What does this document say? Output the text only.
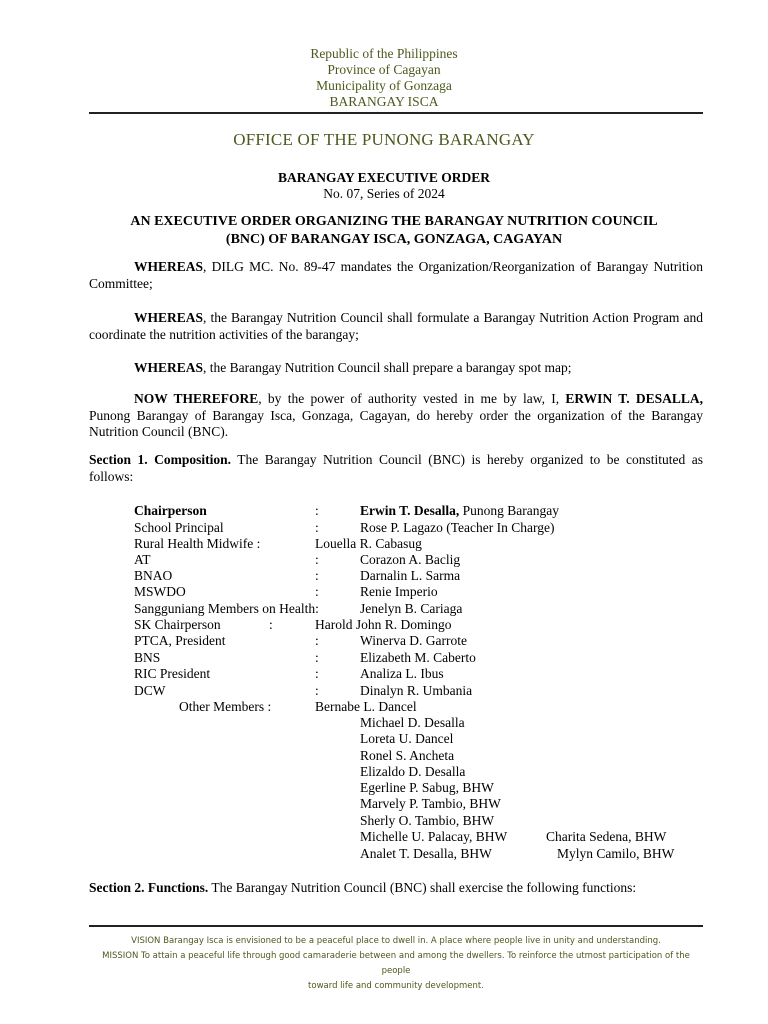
Republic of the Philippines
Province of Cagayan
Municipality of Gonzaga
BARANGAY ISCA
OFFICE OF THE PUNONG BARANGAY
BARANGAY EXECUTIVE ORDER
No. 07, Series of 2024
AN EXECUTIVE ORDER ORGANIZING THE BARANGAY NUTRITION COUNCIL
(BNC) OF BARANGAY ISCA, GONZAGA, CAGAYAN
WHEREAS, DILG MC. No. 89-47 mandates the Organization/Reorganization of Barangay Nutrition Committee;
WHEREAS, the Barangay Nutrition Council shall formulate a Barangay Nutrition Action Program and coordinate the nutrition activities of the barangay;
WHEREAS, the Barangay Nutrition Council shall prepare a barangay spot map;
NOW THEREFORE, by the power of authority vested in me by law, I, ERWIN T. DESALLA, Punong Barangay of Barangay Isca, Gonzaga, Cagayan, do hereby order the organization of the Barangay Nutrition Council (BNC).
Section 1. Composition. The Barangay Nutrition Council (BNC) is hereby organized to be constituted as follows:
Chairperson	:	Erwin T. Desalla, Punong Barangay
School Principal	:	Rose P. Lagazo (Teacher In Charge)
Rural Health Midwife :	Louella R. Cabasug
AT	:	Corazon A. Baclig
BNAO	:	Darnalin L. Sarma
MSWDO	:	Renie Imperio
Sangguniang Members on Health:	Jenelyn B. Cariaga
SK Chairperson	:	Harold John R. Domingo
PTCA, President	:	Winerva D. Garrote
BNS	:	Elizabeth M. Caberto
RIC President	:	Analiza L. Ibus
DCW	:	Dinalyn R. Umbania
Other Members :	Bernabe L. Dancel
Michael D. Desalla
Loreta U. Dancel
Ronel S. Ancheta
Elizaldo D. Desalla
Egerline P. Sabug, BHW
Marvely P. Tambio, BHW
Sherly O. Tambio, BHW
Michelle U. Palacay, BHW	Charita Sedena, BHW
Analet T. Desalla, BHW	Mylyn Camilo, BHW
Section 2. Functions. The Barangay Nutrition Council (BNC) shall exercise the following functions:
VISION Barangay Isca is envisioned to be a peaceful place to dwell in. A place where people live in unity and understanding.
MISSION To attain a peaceful life through good camaraderie between and among the dwellers. To reinforce the utmost participation of the people
toward life and community development.
